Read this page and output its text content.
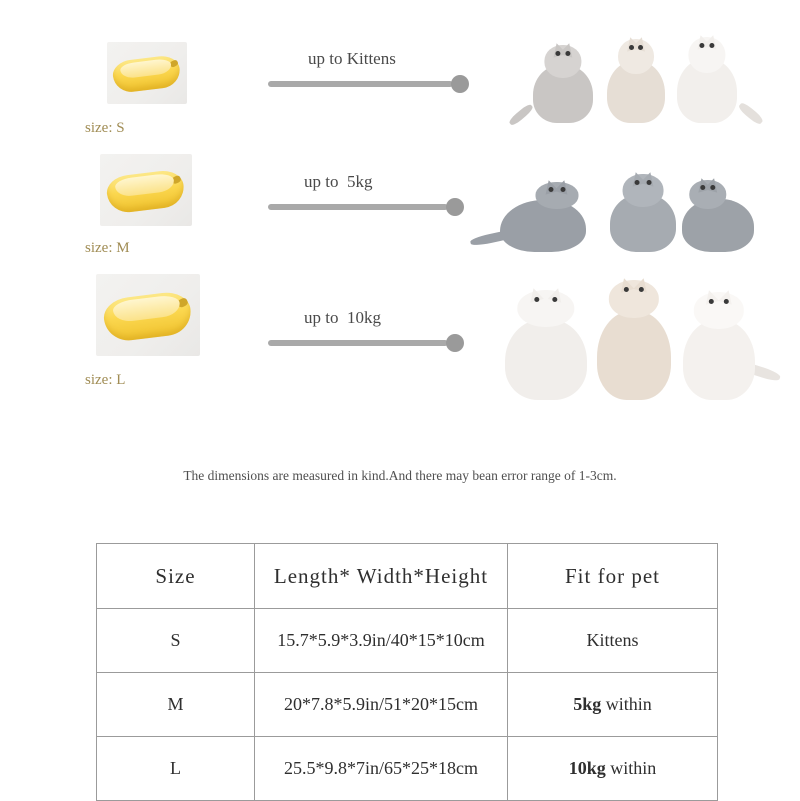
size: S
up to Kittens
size: M
up to  5kg
size: L
up to  10kg
The dimensions are measured in kind.And there may bean error range of 1-3cm.
Size	Length* Width*Height	Fit for pet
S	15.7*5.9*3.9in/40*15*10cm	Kittens
M	20*7.8*5.9in/51*20*15cm	5kg within
L	25.5*9.8*7in/65*25*18cm	10kg within
